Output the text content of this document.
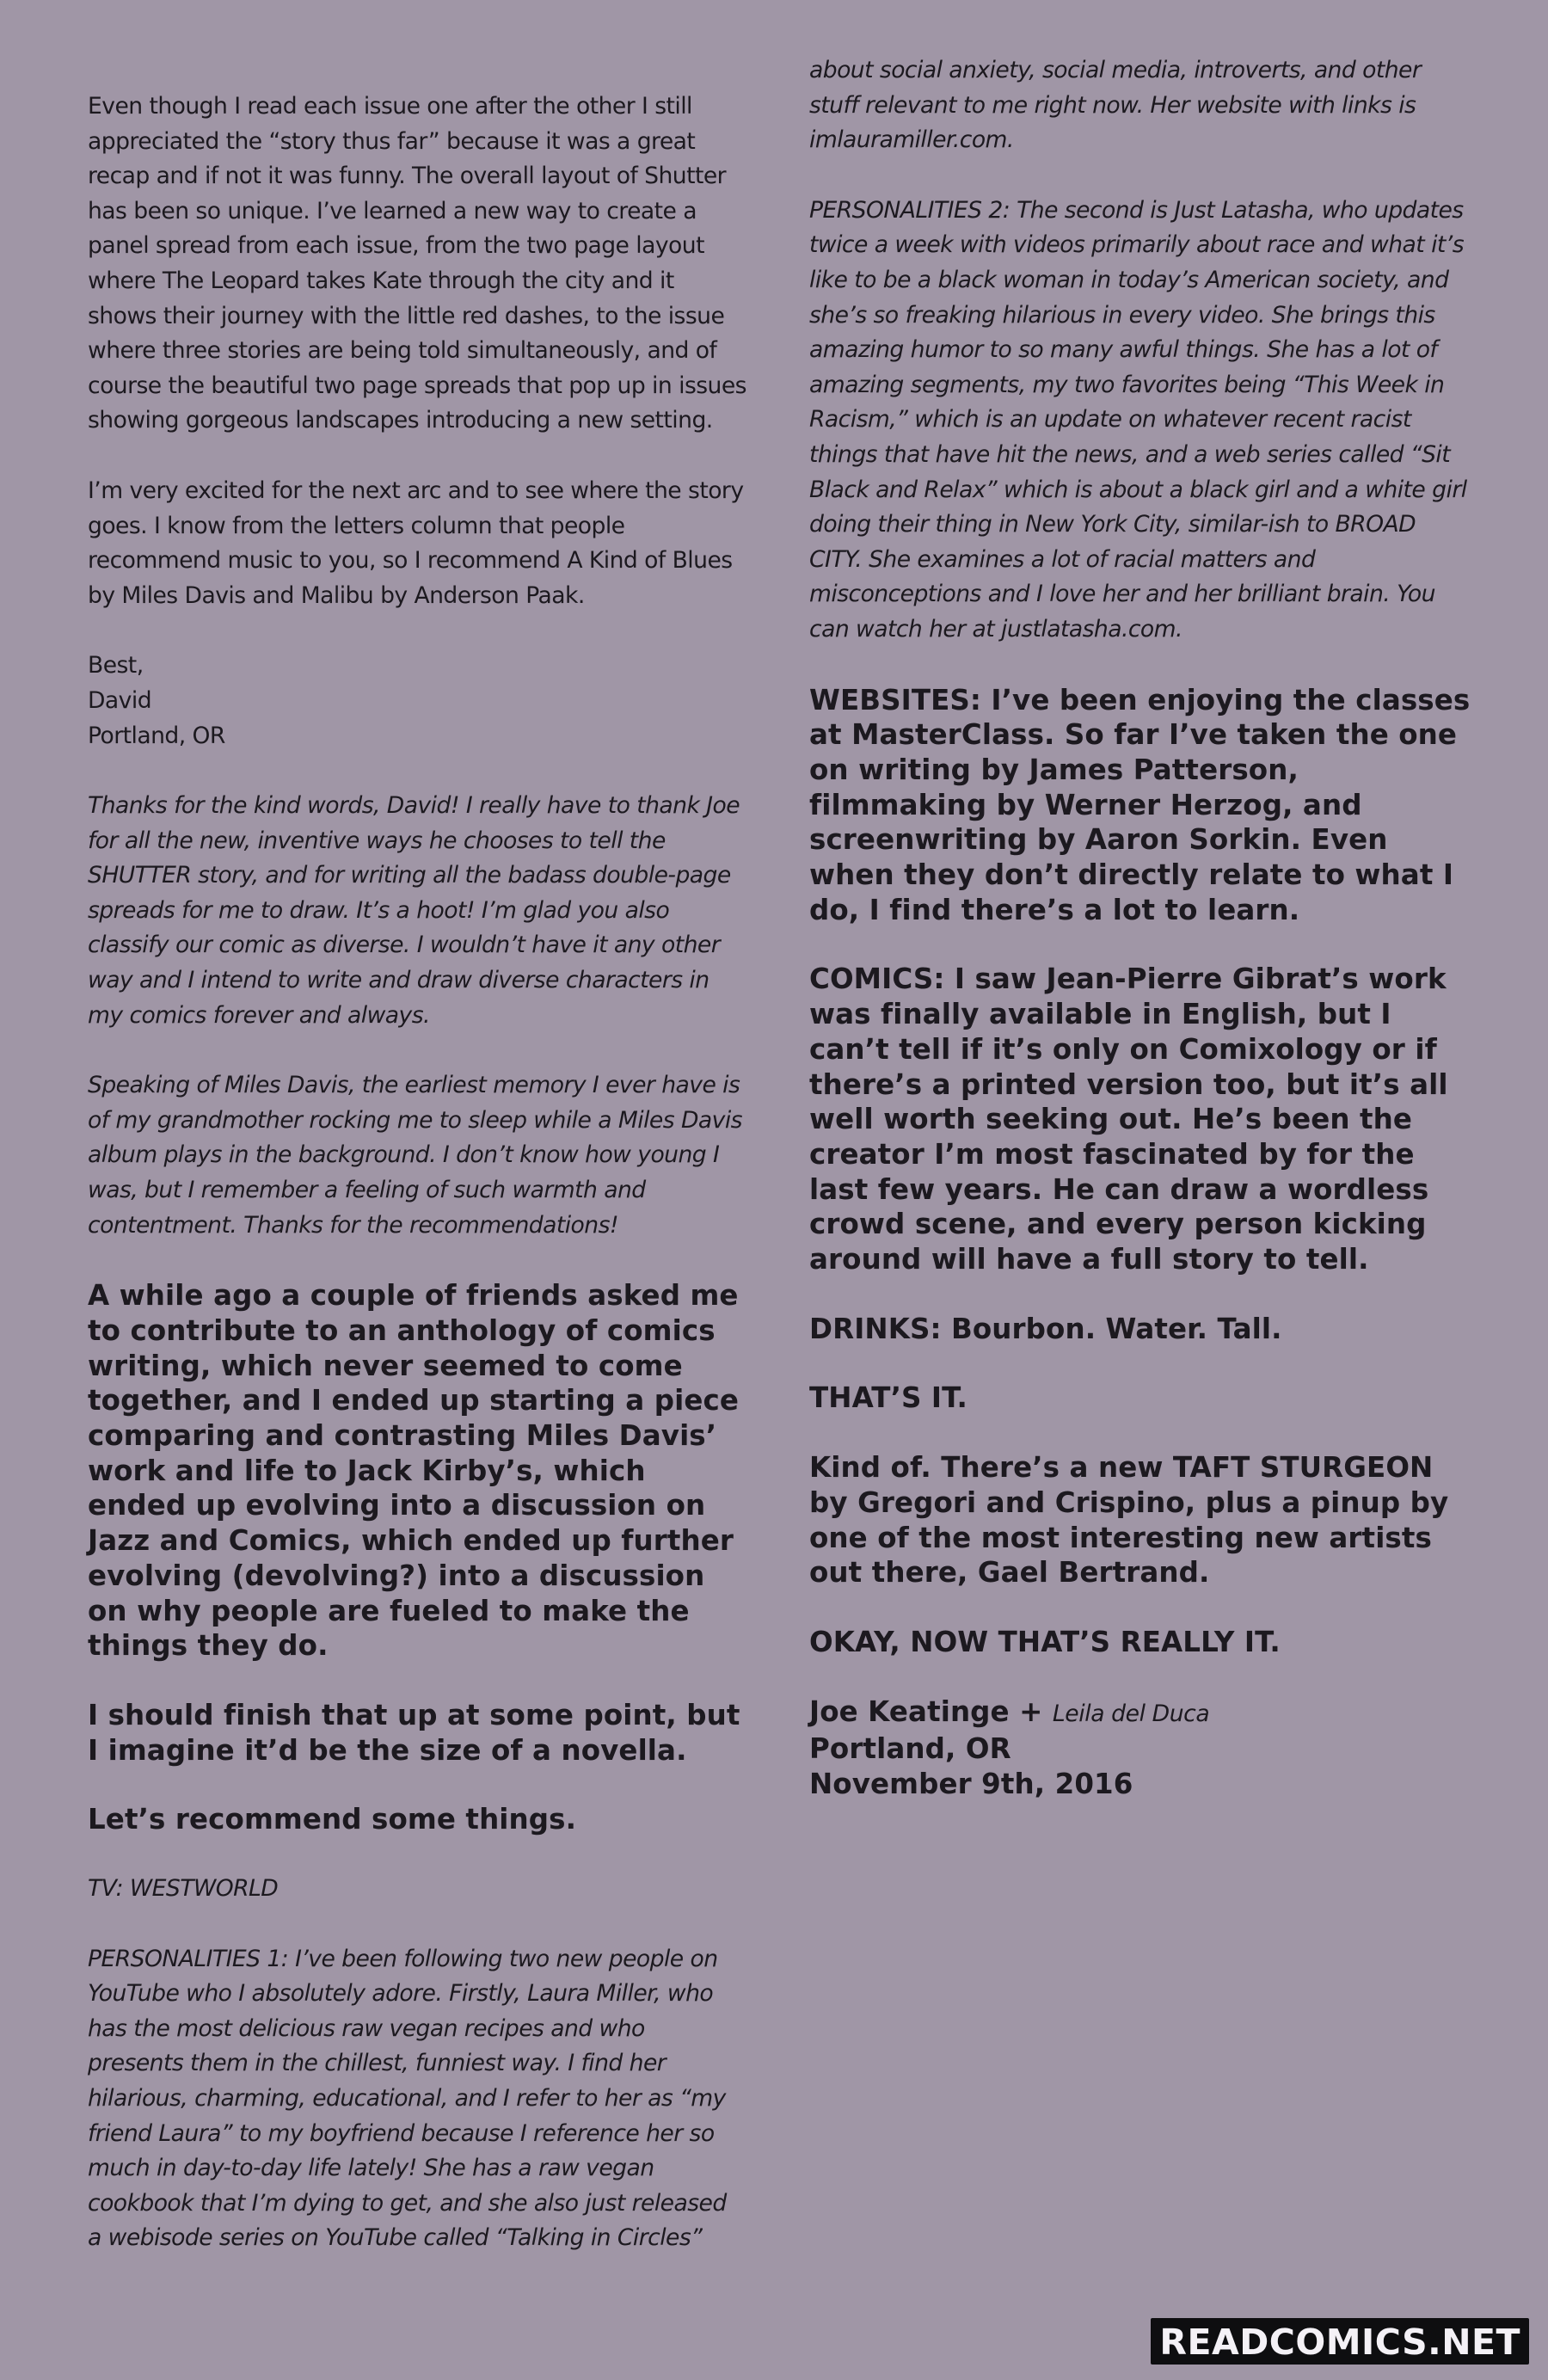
Even though I read each issue one after the other I still appreciated the “story thus far” because it was a great recap and if not it was funny. The overall layout of Shutter has been so unique. I’ve learned a new way to create a panel spread from each issue, from the two page layout where The Leopard takes Kate through the city and it shows their journey with the little red dashes, to the issue where three stories are being told simultaneously, and of course the beautiful two page spreads that pop up in issues showing gorgeous landscapes introducing a new setting.

I’m very excited for the next arc and to see where the story goes. I know from the letters column that people recommend music to you, so I recommend A Kind of Blues by Miles Davis and Malibu by Anderson Paak.

Best,
David
Portland, OR

Thanks for the kind words, David! I really have to thank Joe for all the new, inventive ways he chooses to tell the SHUTTER story, and for writing all the badass double-page spreads for me to draw. It’s a hoot! I’m glad you also classify our comic as diverse. I wouldn’t have it any other way and I intend to write and draw diverse characters in my comics forever and always.

Speaking of Miles Davis, the earliest memory I ever have is of my grandmother rocking me to sleep while a Miles Davis album plays in the background. I don’t know how young I was, but I remember a feeling of such warmth and contentment. Thanks for the recommendations!

A while ago a couple of friends asked me to contribute to an anthology of comics writing, which never seemed to come together, and I ended up starting a piece comparing and contrasting Miles Davis’ work and life to Jack Kirby’s, which ended up evolving into a discussion on Jazz and Comics, which ended up further evolving (devolving?) into a discussion on why people are fueled to make the things they do.

I should finish that up at some point, but I imagine it’d be the size of a novella.

Let’s recommend some things.

TV: WESTWORLD

PERSONALITIES 1: I’ve been following two new people on YouTube who I absolutely adore. Firstly, Laura Miller, who has the most delicious raw vegan recipes and who presents them in the chillest, funniest way. I find her hilarious, charming, educational, and I refer to her as “my friend Laura” to my boyfriend because I reference her so much in day-to-day life lately! She has a raw vegan cookbook that I’m dying to get, and she also just released a webisode series on YouTube called “Talking in Circles”

about social anxiety, social media, introverts, and other stuff relevant to me right now. Her website with links is imlauramiller.com.

PERSONALITIES 2: The second is Just Latasha, who updates twice a week with videos primarily about race and what it’s like to be a black woman in today’s American society, and she’s so freaking hilarious in every video. She brings this amazing humor to so many awful things. She has a lot of amazing segments, my two favorites being “This Week in Racism,” which is an update on whatever recent racist things that have hit the news, and a web series called “Sit Black and Relax” which is about a black girl and a white girl doing their thing in New York City, similar-ish to BROAD CITY. She examines a lot of racial matters and misconceptions and I love her and her brilliant brain. You can watch her at justlatasha.com.

WEBSITES: I’ve been enjoying the classes at MasterClass. So far I’ve taken the one on writing by James Patterson, filmmaking by Werner Herzog, and screenwriting by Aaron Sorkin. Even when they don’t directly relate to what I do, I find there’s a lot to learn.

COMICS: I saw Jean-Pierre Gibrat’s work was finally available in English, but I can’t tell if it’s only on Comixology or if there’s a printed version too, but it’s all well worth seeking out. He’s been the creator I’m most fascinated by for the last few years. He can draw a wordless crowd scene, and every person kicking around will have a full story to tell.

DRINKS: Bourbon. Water. Tall.

THAT’S IT.

Kind of. There’s a new TAFT STURGEON by Gregori and Crispino, plus a pinup by one of the most interesting new artists out there, Gael Bertrand.

OKAY, NOW THAT’S REALLY IT.

Joe Keatinge + Leila del Duca
Portland, OR
November 9th, 2016

READCOMICS.NET
